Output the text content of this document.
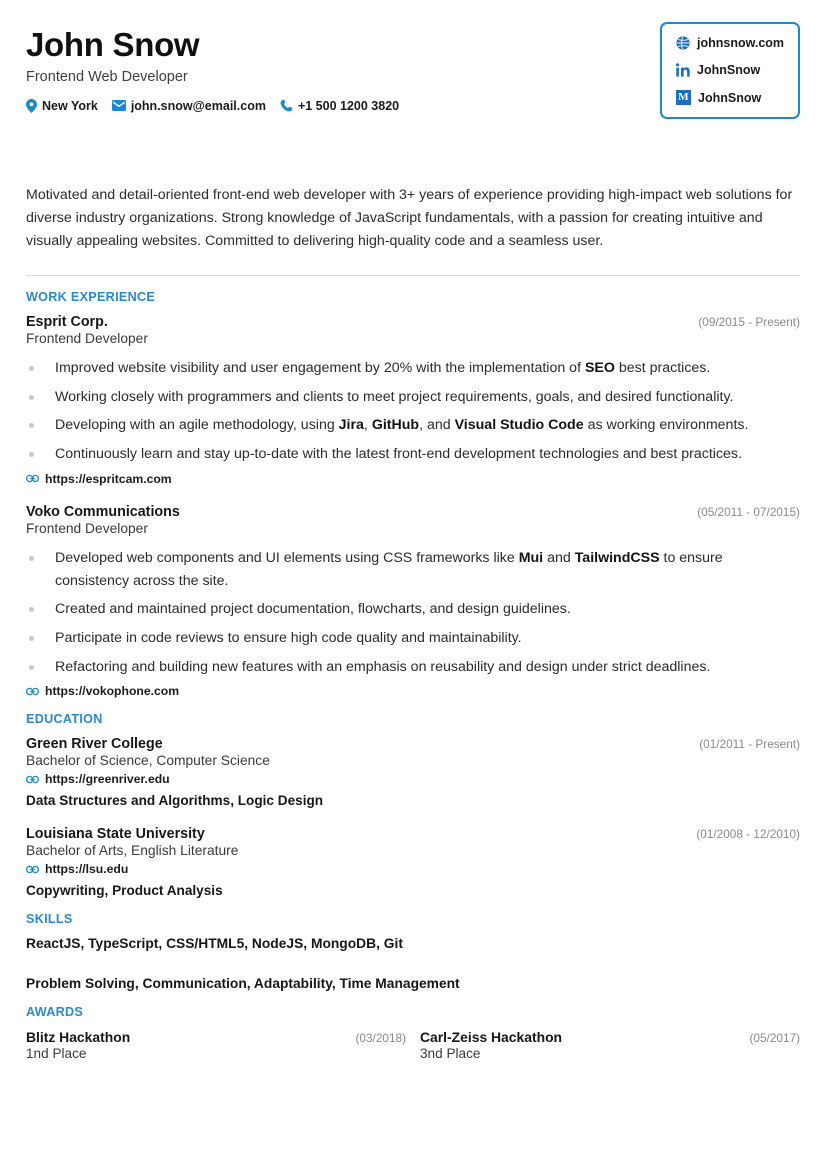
John Snow
Frontend Web Developer
New York	john.snow@email.com	+1 500 1200 3820
johnsnow.com
JohnSnow
M JohnSnow
Motivated and detail-oriented front-end web developer with 3+ years of experience providing high-impact web solutions for diverse industry organizations. Strong knowledge of JavaScript fundamentals, with a passion for creating intuitive and visually appealing websites. Committed to delivering high-quality code and a seamless user.
WORK EXPERIENCE
Esprit Corp.	(09/2015 - Present)
Frontend Developer
Improved website visibility and user engagement by 20% with the implementation of SEO best practices.
Working closely with programmers and clients to meet project requirements, goals, and desired functionality.
Developing with an agile methodology, using Jira, GitHub, and Visual Studio Code as working environments.
Continuously learn and stay up-to-date with the latest front-end development technologies and best practices.
https://espritcam.com
Voko Communications	(05/2011 - 07/2015)
Frontend Developer
Developed web components and UI elements using CSS frameworks like Mui and TailwindCSS to ensure consistency across the site.
Created and maintained project documentation, flowcharts, and design guidelines.
Participate in code reviews to ensure high code quality and maintainability.
Refactoring and building new features with an emphasis on reusability and design under strict deadlines.
https://vokophone.com
EDUCATION
Green River College	(01/2011 - Present)
Bachelor of Science, Computer Science
https://greenriver.edu
Data Structures and Algorithms, Logic Design
Louisiana State University	(01/2008 - 12/2010)
Bachelor of Arts, English Literature
https://lsu.edu
Copywriting, Product Analysis
SKILLS
ReactJS, TypeScript, CSS/HTML5, NodeJS, MongoDB, Git
Problem Solving, Communication, Adaptability, Time Management
AWARDS
Blitz Hackathon	(03/2018)
1nd Place
Carl-Zeiss Hackathon	(05/2017)
3nd Place
